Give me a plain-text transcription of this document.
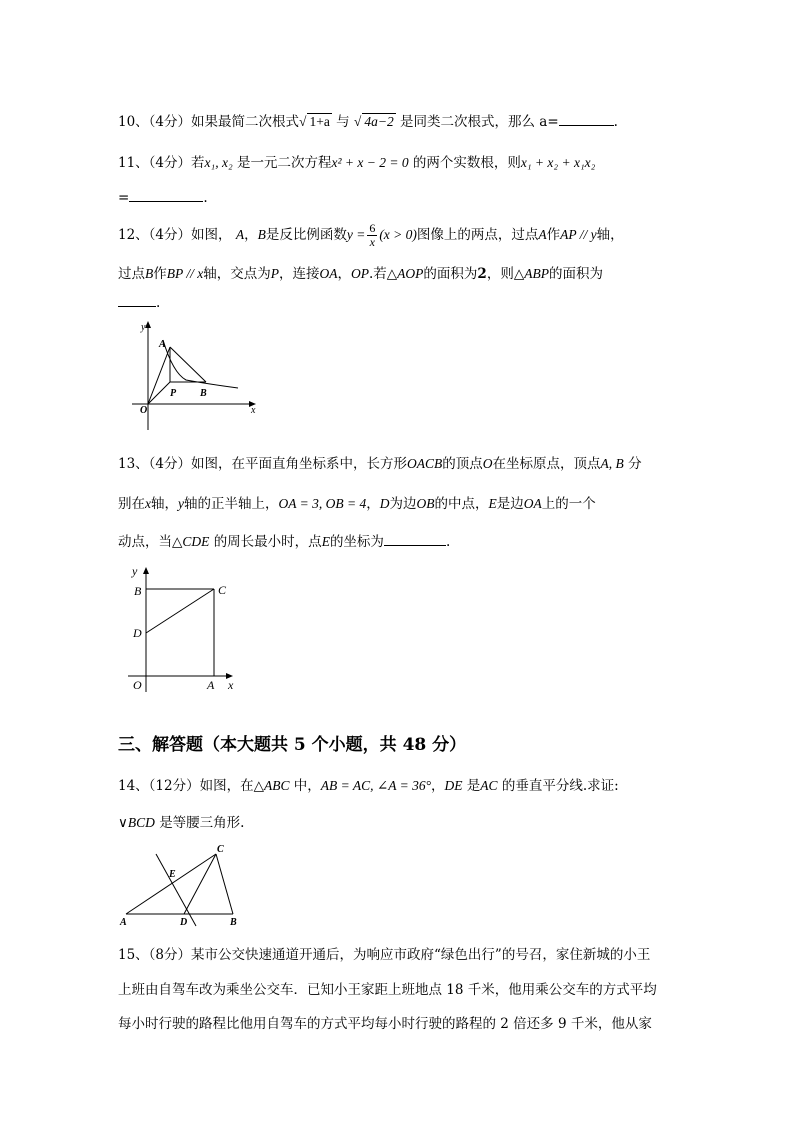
10、（4分）如果最简二次根式√ 1+a 与 √ 4a−2 是同类二次根式，那么 a=	.
11、（4分）若x₁, x₂ 是一元二次方程x² + x − 2 = 0 的两个实数根，则x₁ + x₂ + x₁x₂
=	.
12、（4分）如图， A，B是反比例函数$y = \frac{6}{x} (x > 0)$图像上的两点，过点A作AP // y轴，
过点B作BP // x轴，交点为P，连接OA，OP.若△AOP的面积为2，则△ABP的面积为
.
y
A
P B
O	x
13、（4分）如图，在平面直角坐标系中，长方形OACB的顶点O在坐标原点，顶点A, B 分
别在x轴，y轴的正半轴上，OA = 3, OB = 4，D为边OB的中点，E是边OA上的一个
动点，当△CDE 的周长最小时，点E的坐标为	.
y
B	C
D
O	A x
三、解答题（本大题共 5 个小题，共 48 分）
14、（12分）如图，在△ABC 中，AB = AC, ∠A = 36°，DE 是AC 的垂直平分线.求证:
∨BCD 是等腰三角形.
C
E
A	D	B
15、（8分）某市公交快速通道开通后，为响应市政府“绿色出行”的号召，家住新城的小王
上班由自驾车改为乘坐公交车．已知小王家距上班地点 18 千米，他用乘公交车的方式平均
每小时行驶的路程比他用自驾车的方式平均每小时行驶的路程的 2 倍还多 9 千米，他从家
